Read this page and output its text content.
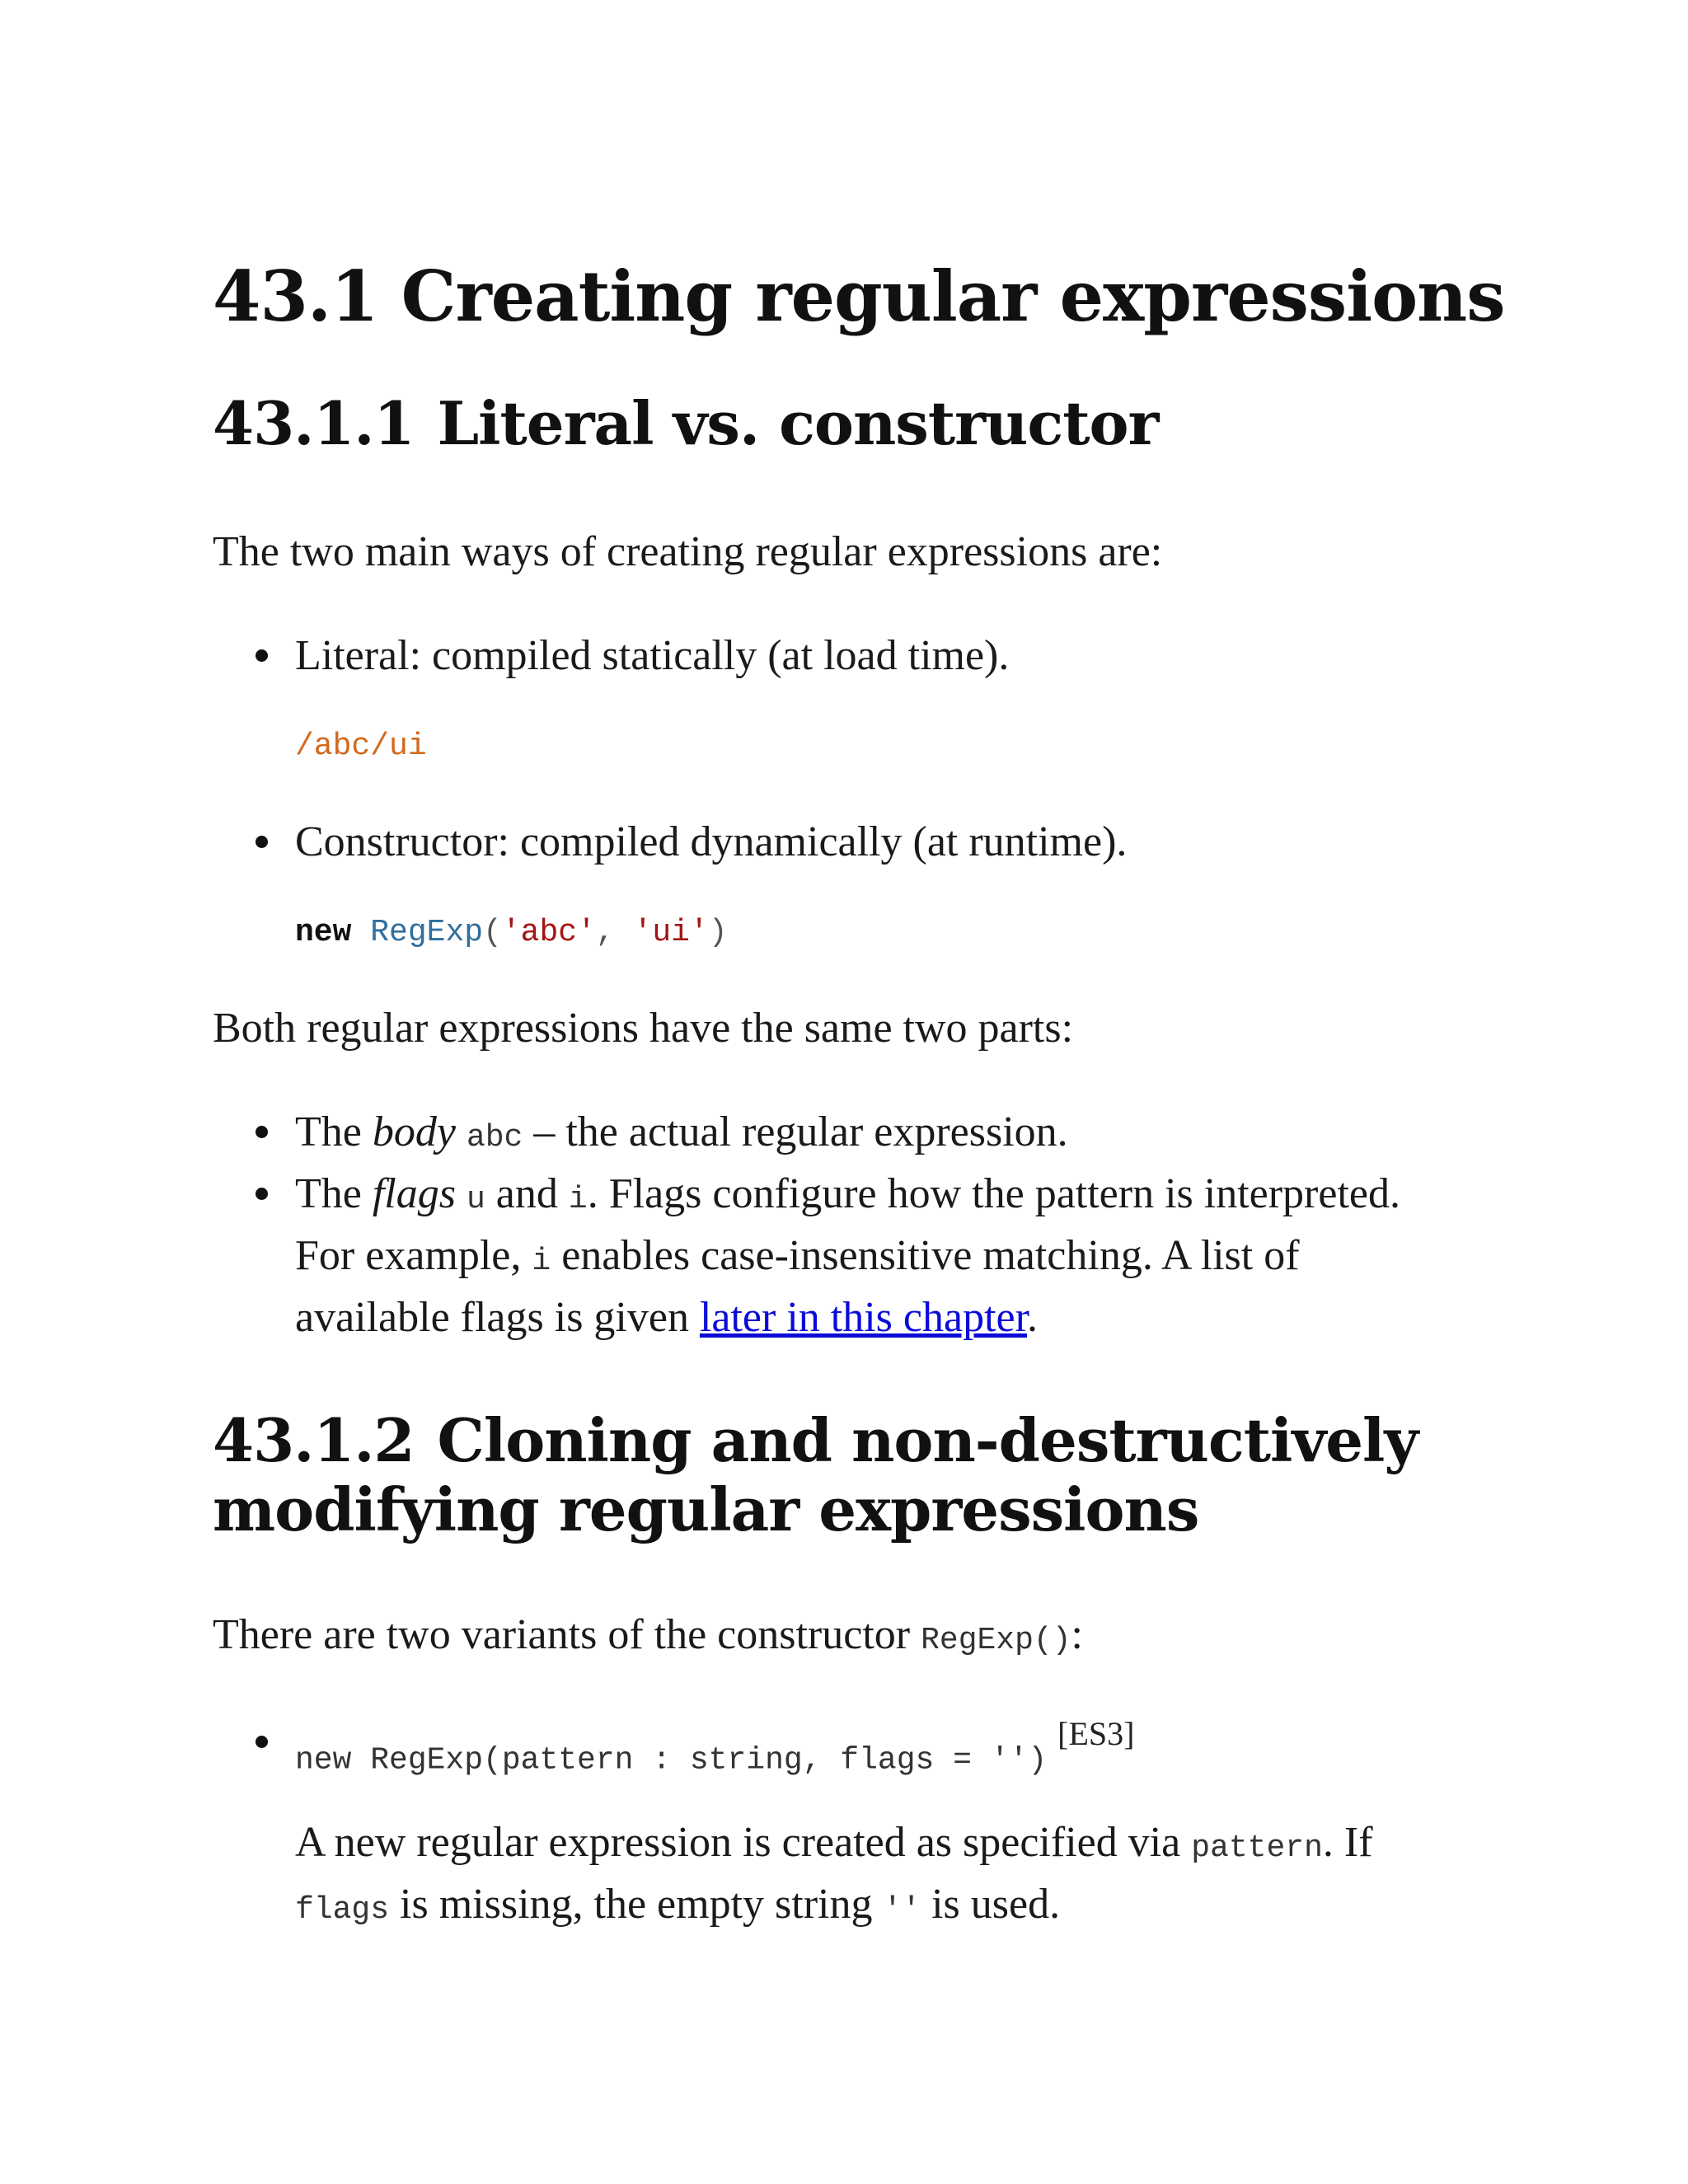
43.1 Creating regular expressions
43.1.1 Literal vs. constructor

The two main ways of creating regular expressions are:

Literal: compiled statically (at load time).
/abc/ui
Constructor: compiled dynamically (at runtime).
new RegExp('abc', 'ui')

Both regular expressions have the same two parts:

The body abc – the actual regular expression.
The flags u and i. Flags configure how the pattern is interpreted.

For example, i enables case-insensitive matching. A list of

available flags is given later in this chapter.

43.1.2 Cloning and non-destructively
modifying regular expressions

There are two variants of the constructor RegExp():

new RegExp(pattern : string, flags = '') [ES3]

A new regular expression is created as specified via pattern. If

flags is missing, the empty string '' is used.
